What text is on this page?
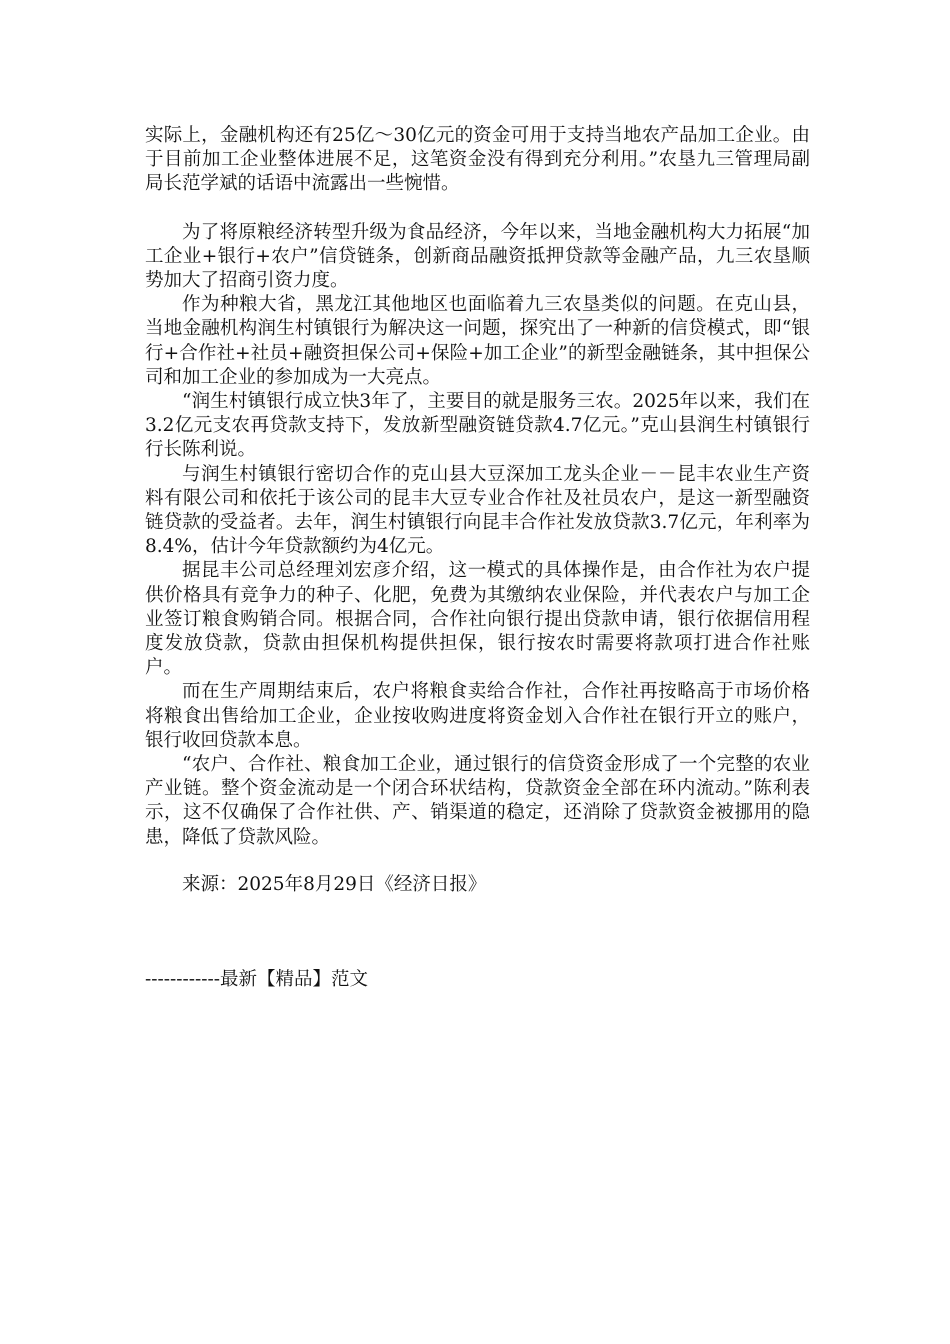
实际上，金融机构还有25亿～30亿元的资金可用于支持当地农产品加工企业。由于目前加工企业整体进展不足，这笔资金没有得到充分利用。”农垦九三管理局副局长范学斌的话语中流露出一些惋惜。

为了将原粮经济转型升级为食品经济，今年以来，当地金融机构大力拓展“加工企业+银行+农户”信贷链条，创新商品融资抵押贷款等金融产品，九三农垦顺势加大了招商引资力度。

作为种粮大省，黑龙江其他地区也面临着九三农垦类似的问题。在克山县，当地金融机构润生村镇银行为解决这一问题，探究出了一种新的信贷模式，即“银行+合作社+社员+融资担保公司+保险+加工企业”的新型金融链条，其中担保公司和加工企业的参加成为一大亮点。

“润生村镇银行成立快3年了，主要目的就是服务三农。2025年以来，我们在3.2亿元支农再贷款支持下，发放新型融资链贷款4.7亿元。”克山县润生村镇银行行长陈利说。

与润生村镇银行密切合作的克山县大豆深加工龙头企业－－昆丰农业生产资料有限公司和依托于该公司的昆丰大豆专业合作社及社员农户，是这一新型融资链贷款的受益者。去年，润生村镇银行向昆丰合作社发放贷款3.7亿元，年利率为8.4%，估计今年贷款额约为4亿元。

据昆丰公司总经理刘宏彦介绍，这一模式的具体操作是，由合作社为农户提供价格具有竞争力的种子、化肥，免费为其缴纳农业保险，并代表农户与加工企业签订粮食购销合同。根据合同，合作社向银行提出贷款申请，银行依据信用程度发放贷款，贷款由担保机构提供担保，银行按农时需要将款项打进合作社账户。

而在生产周期结束后，农户将粮食卖给合作社，合作社再按略高于市场价格将粮食出售给加工企业，企业按收购进度将资金划入合作社在银行开立的账户，银行收回贷款本息。

“农户、合作社、粮食加工企业，通过银行的信贷资金形成了一个完整的农业产业链。整个资金流动是一个闭合环状结构，贷款资金全部在环内流动。”陈利表示，这不仅确保了合作社供、产、销渠道的稳定，还消除了贷款资金被挪用的隐患，降低了贷款风险。

来源：2025年8月29日《经济日报》

------------最新【精品】范文
